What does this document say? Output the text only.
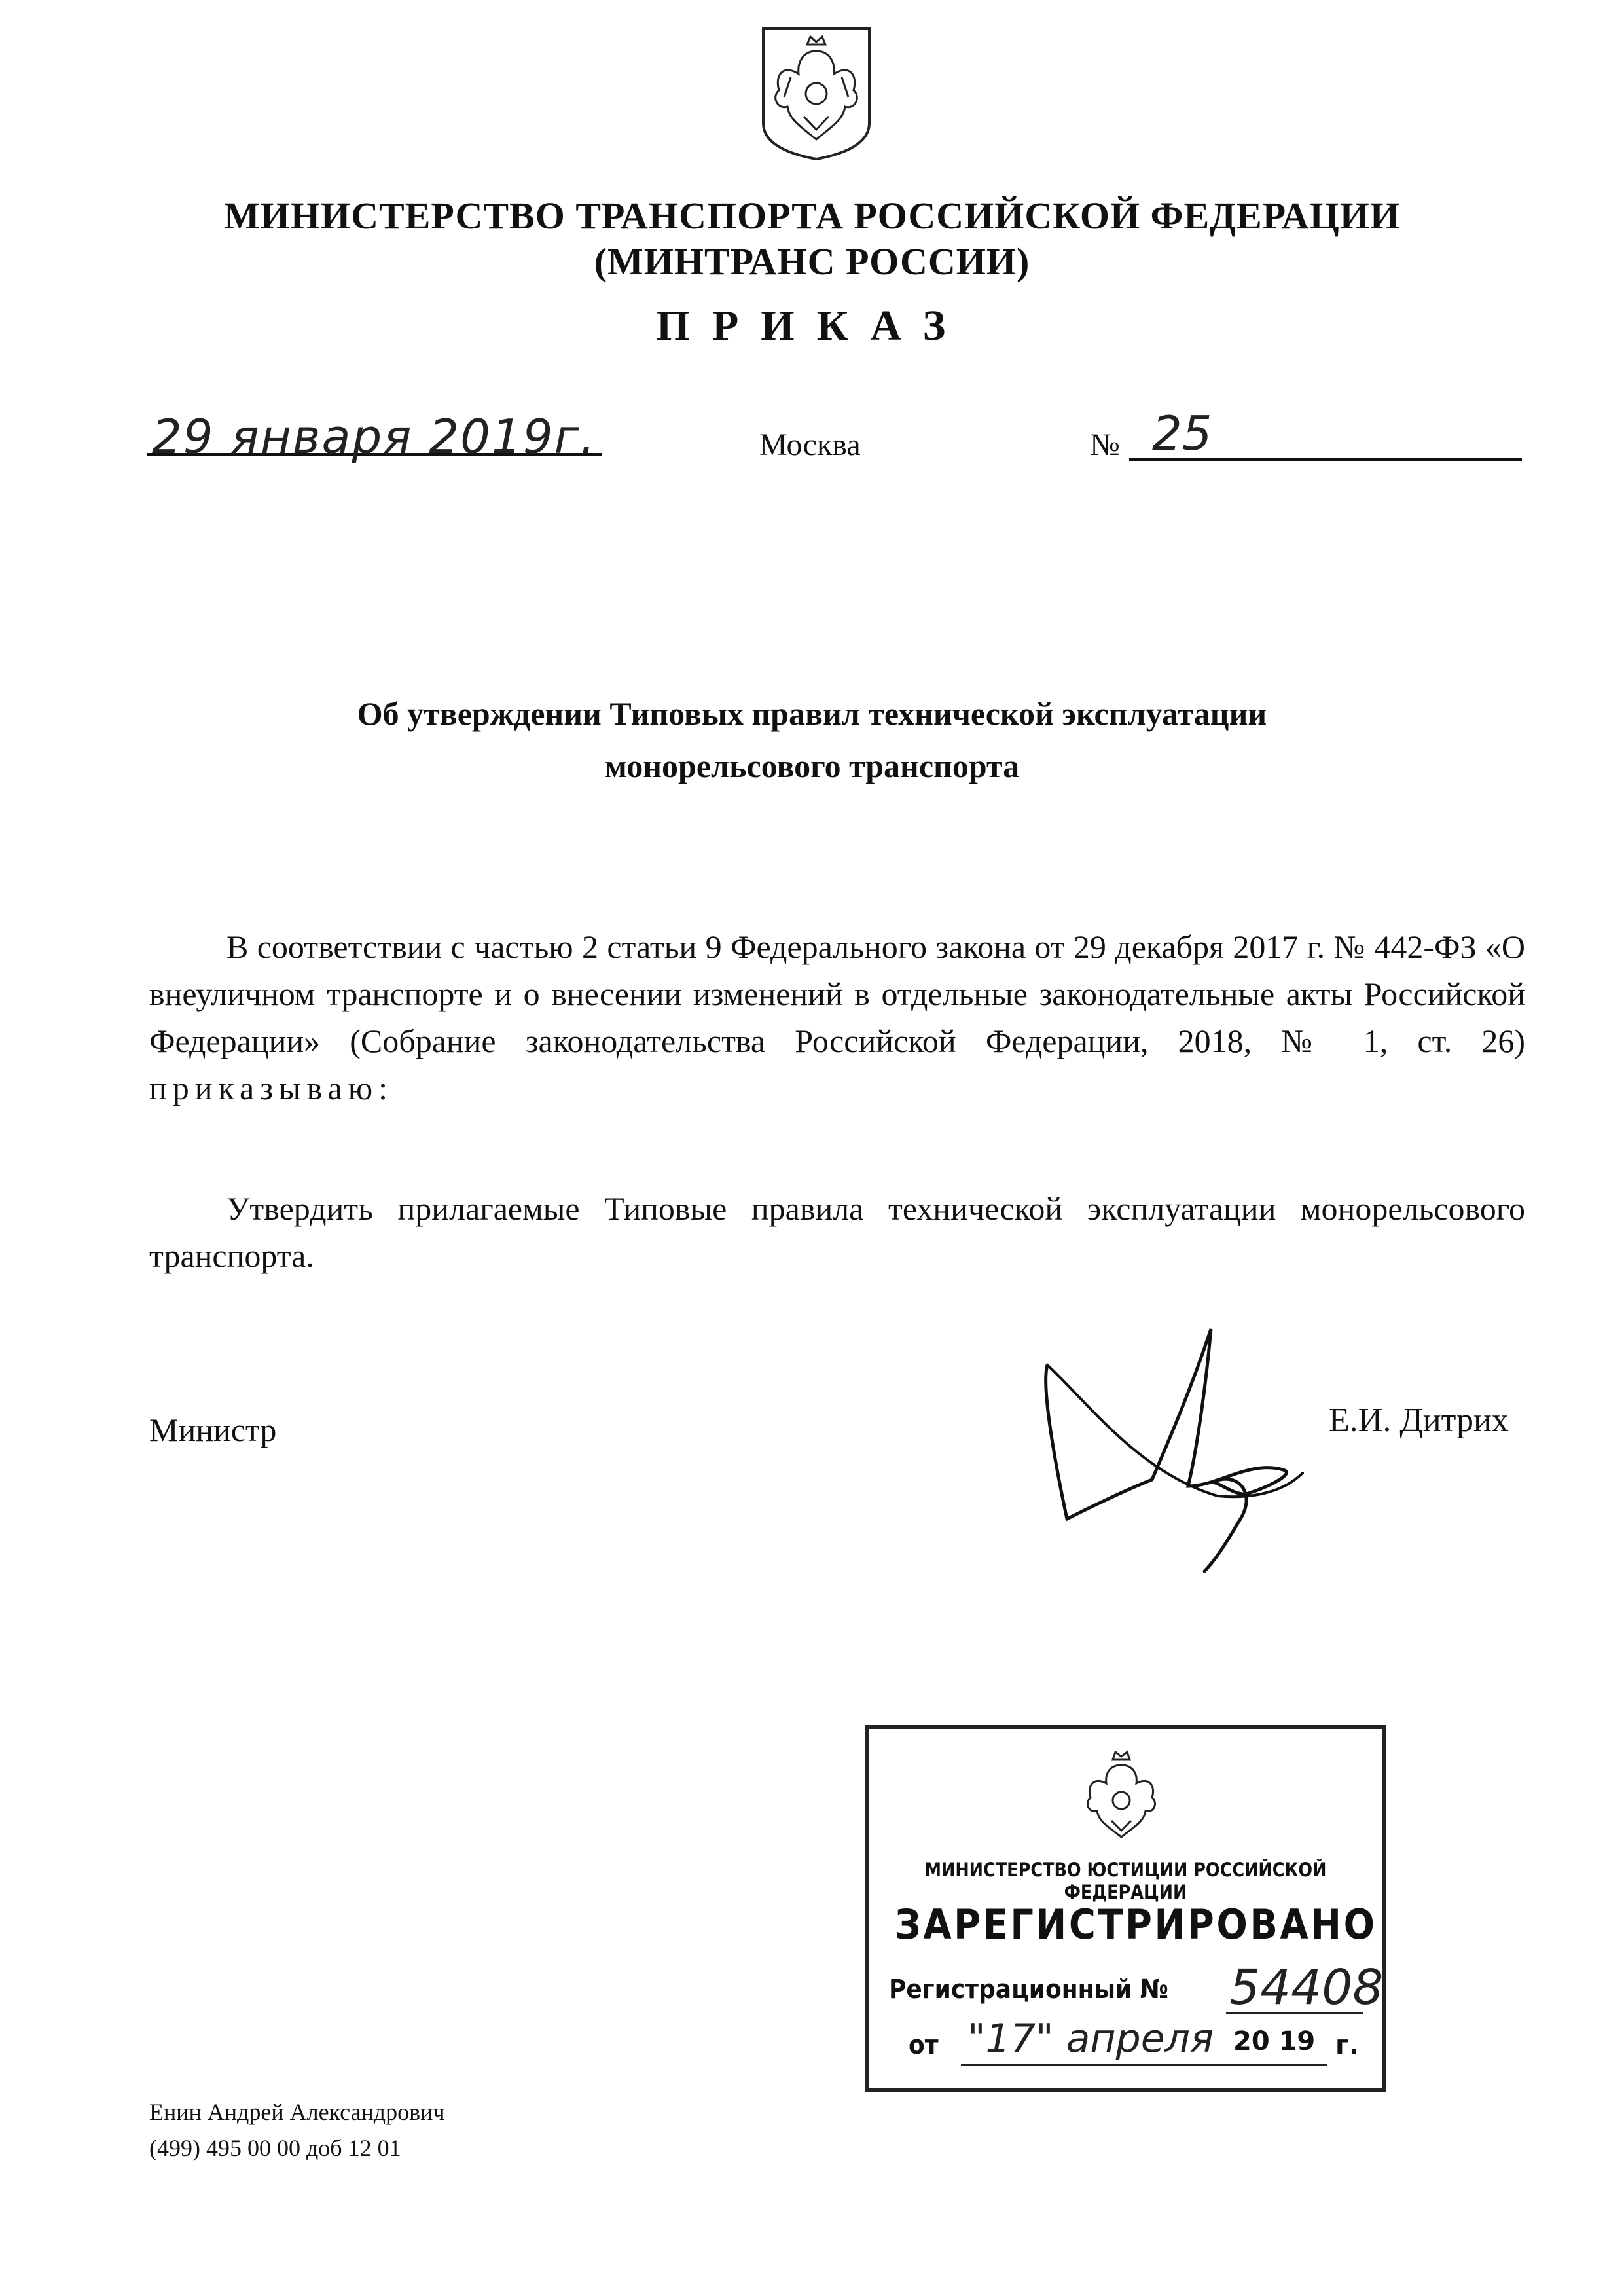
МИНИСТЕРСТВО ТРАНСПОРТА РОССИЙСКОЙ ФЕДЕРАЦИИ
(МИНТРАНС РОССИИ)
ПРИКАЗ
29 января 2019г.	Москва	№ 25
Об утверждении Типовых правил технической эксплуатации
монорельсового транспорта
В соответствии с частью 2 статьи 9 Федерального закона от 29 декабря 2017 г. № 442-ФЗ «О внеуличном транспорте и о внесении изменений в отдельные законодательные акты Российской Федерации» (Собрание законодательства Российской Федерации, 2018, № 1, ст. 26) приказываю:
Утвердить прилагаемые Типовые правила технической эксплуатации монорельсового транспорта.
Министр	Е.И. Дитрих
МИНИСТЕРСТВО ЮСТИЦИИ РОССИЙСКОЙ ФЕДЕРАЦИИ
ЗАРЕГИСТРИРОВАНО
Регистрационный № 54408
от "17" апреля 20 19 г.
Енин Андрей Александрович
(499) 495 00 00 доб 12 01
